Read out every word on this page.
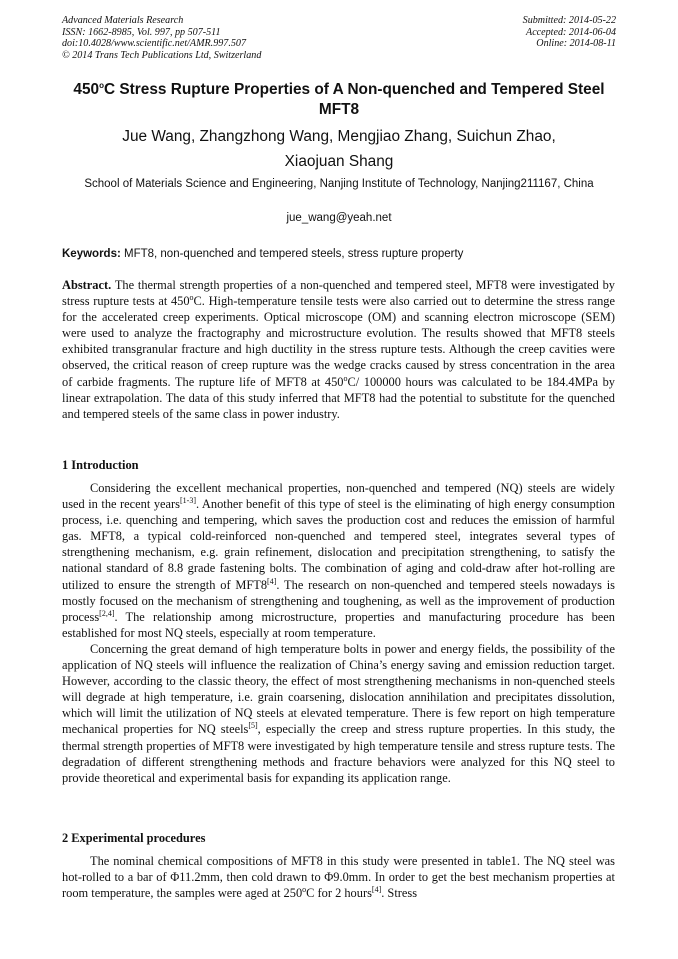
Advanced Materials Research
ISSN: 1662-8985, Vol. 997, pp 507-511
doi:10.4028/www.scientific.net/AMR.997.507
© 2014 Trans Tech Publications Ltd, Switzerland
Submitted: 2014-05-22
Accepted: 2014-06-04
Online: 2014-08-11
450$^o$C Stress Rupture Properties of A Non-quenched and Tempered Steel MFT8
Jue Wang, Zhangzhong Wang, Mengjiao Zhang, Suichun Zhao,
Xiaojuan Shang
School of Materials Science and Engineering, Nanjing Institute of Technology, Nanjing211167, China
jue_wang@yeah.net
Keywords: MFT8, non-quenched and tempered steels, stress rupture property

Abstract. The thermal strength properties of a non-quenched and tempered steel, MFT8 were investigated by stress rupture tests at 450$^o$C. High-temperature tensile tests were also carried out to determine the stress range for the accelerated creep experiments. Optical microscope (OM) and scanning electron microscope (SEM) were used to analyze the fractography and microstructure evolution. The results showed that MFT8 steels exhibited transgranular fracture and high ductility in the stress rupture tests. Although the creep cavities were observed, the critical reason of creep rupture was the wedge cracks caused by stress concentration in the area of carbide fragments. The rupture life of MFT8 at 450$^o$C/ 100000 hours was calculated to be 184.4MPa by linear extrapolation. The data of this study inferred that MFT8 had the potential to substitute for the quenched and tempered steels of the same class in power industry.

1 Introduction

Considering the excellent mechanical properties, non-quenched and tempered (NQ) steels are widely used in the recent years[1-3]. Another benefit of this type of steel is the eliminating of high energy consumption process, i.e. quenching and tempering, which saves the production cost and reduces the emission of harmful gas. MFT8, a typical cold-reinforced non-quenched and tempered steel, integrates several types of strengthening mechanism, e.g. grain refinement, dislocation and precipitation strengthening, to satisfy the national standard of 8.8 grade fastening bolts. The combination of aging and cold-draw after hot-rolling are utilized to ensure the strength of MFT8[4]. The research on non-quenched and tempered steels nowadays is mostly focused on the mechanism of strengthening and toughening, as well as the improvement of production process[2,4]. The relationship among microstructure, properties and manufacturing procedure has been established for most NQ steels, especially at room temperature.

Concerning the great demand of high temperature bolts in power and energy fields, the possibility of the application of NQ steels will influence the realization of China’s energy saving and emission reduction target. However, according to the classic theory, the effect of most strengthening mechanisms in non-quenched steels will degrade at high temperature, i.e. grain coarsening, dislocation annihilation and precipitates dissolution, which will limit the utilization of NQ steels at elevated temperature. There is few report on high temperature mechanical properties for NQ steels[5], especially the creep and stress rupture properties. In this study, the thermal strength properties of MFT8 were investigated by high temperature tensile and stress rupture tests. The degradation of different strengthening methods and fracture behaviors were analyzed for this NQ steel to provide theoretical and experimental basis for expanding its application range.

2 Experimental procedures

The nominal chemical compositions of MFT8 in this study were presented in table1. The NQ steel was hot-rolled to a bar of Φ11.2mm, then cold drawn to Φ9.0mm. In order to get the best mechanism properties at room temperature, the samples were aged at 250$^o$C for 2 hours[4]. Stress
